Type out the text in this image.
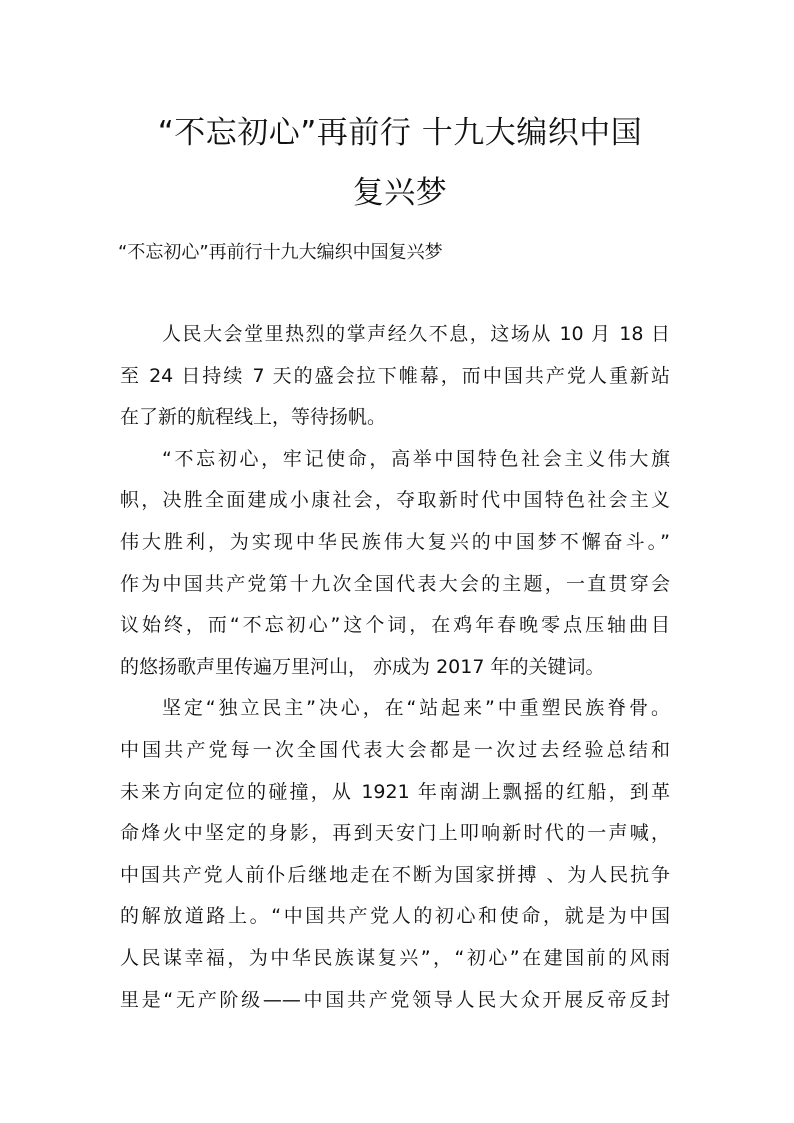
“不忘初心”再前行 十九大编织中国
复兴梦

“不忘初心”再前行十九大编织中国复兴梦

人民大会堂里热烈的掌声经久不息，这场从 10 月 18 日
至 24 日持续 7 天的盛会拉下帷幕，而中国共产党人重新站
在了新的航程线上，等待扬帆。
“不忘初心，牢记使命，高举中国特色社会主义伟大旗
帜，决胜全面建成小康社会，夺取新时代中国特色社会主义
伟大胜利，为实现中华民族伟大复兴的中国梦不懈奋斗。”
作为中国共产党第十九次全国代表大会的主题，一直贯穿会
议始终，而“不忘初心”这个词，在鸡年春晚零点压轴曲目
的悠扬歌声里传遍万里河山， 亦成为 2017 年的关键词。
坚定“独立民主”决心，在“站起来”中重塑民族脊骨。
中国共产党每一次全国代表大会都是一次过去经验总结和
未来方向定位的碰撞，从 1921 年南湖上飘摇的红船，到革
命烽火中坚定的身影，再到天安门上叩响新时代的一声喊，
中国共产党人前仆后继地走在不断为国家拼搏 、为人民抗争
的解放道路上。“中国共产党人的初心和使命，就是为中国
人民谋幸福，为中华民族谋复兴”，“初心”在建国前的风雨
里是“无产阶级——中国共产党领导人民大众开展反帝反封
